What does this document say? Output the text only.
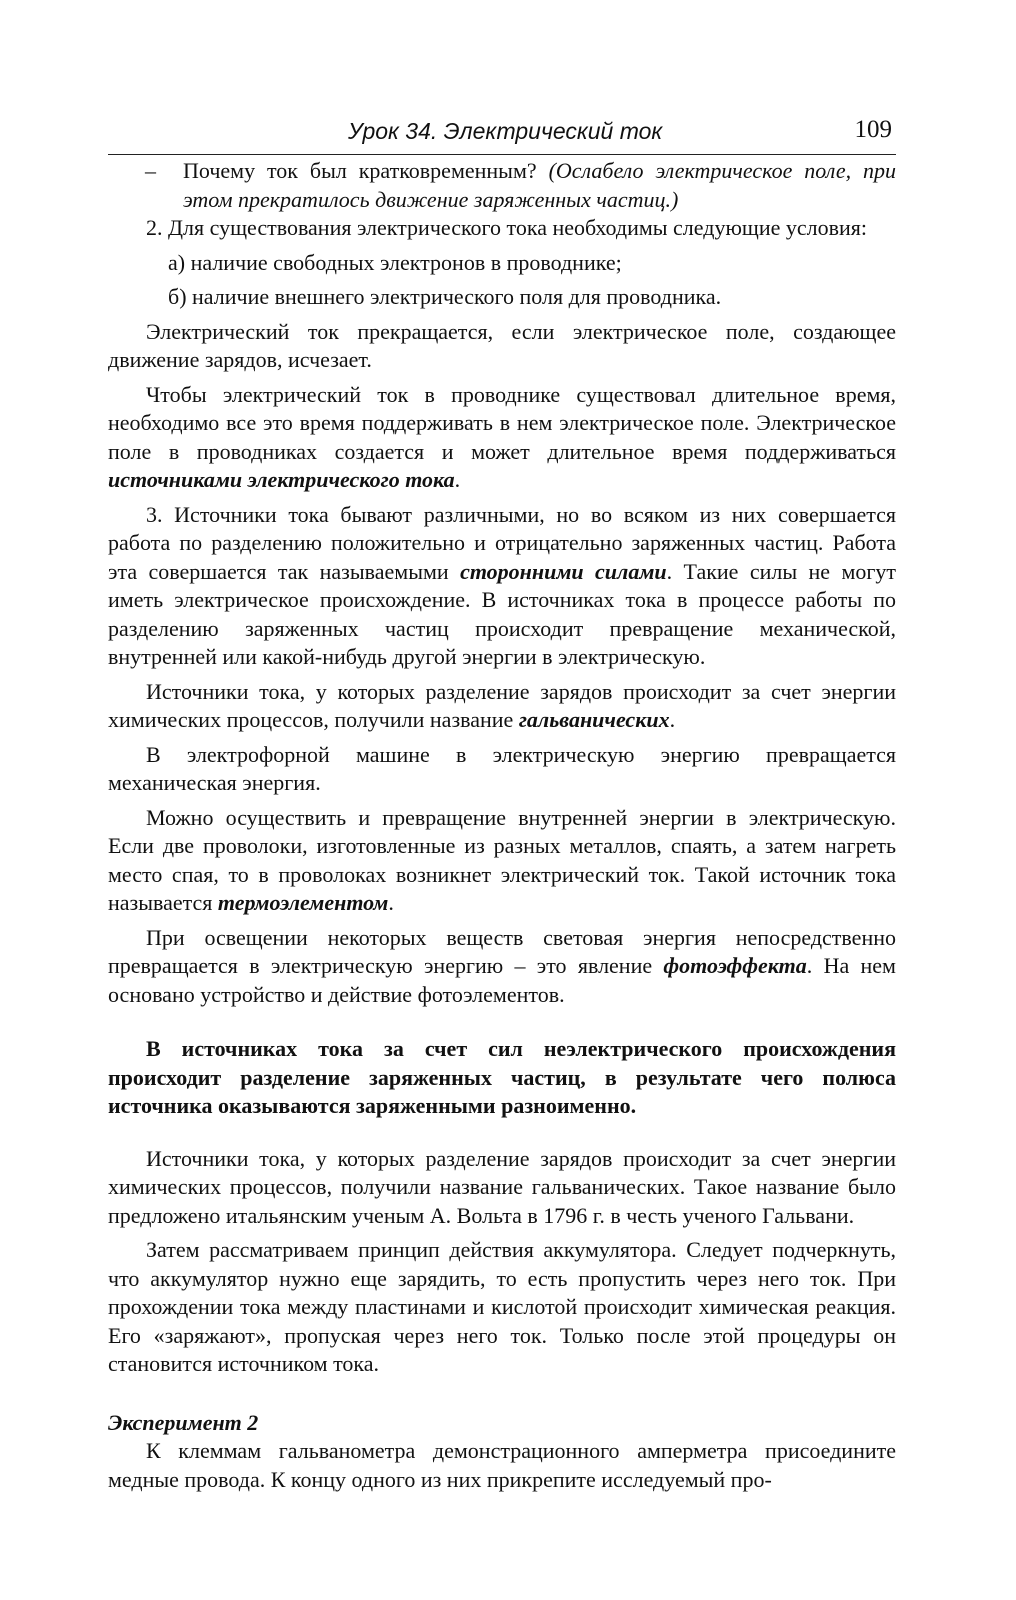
Урок 34. Электрический ток	109

– Почему ток был кратковременным? (Ослабело электрическое поле, при этом прекратилось движение заряженных частиц.)

2. Для существования электрического тока необходимы следующие условия:

а) наличие свободных электронов в проводнике;

б) наличие внешнего электрического поля для проводника.

Электрический ток прекращается, если электрическое поле, создающее движение зарядов, исчезает.

Чтобы электрический ток в проводнике существовал длительное время, необходимо все это время поддерживать в нем электрическое поле. Электрическое поле в проводниках создается и может длительное время поддерживаться источниками электрического тока.

3. Источники тока бывают различными, но во всяком из них совершается работа по разделению положительно и отрицательно заряженных частиц. Работа эта совершается так называемыми сторонними силами. Такие силы не могут иметь электрическое происхождение. В источниках тока в процессе работы по разделению заряженных частиц происходит превращение механической, внутренней или какой-нибудь другой энергии в электрическую.

Источники тока, у которых разделение зарядов происходит за счет энергии химических процессов, получили название гальванических.

В электрофорной машине в электрическую энергию превращается механическая энергия.

Можно осуществить и превращение внутренней энергии в электрическую. Если две проволоки, изготовленные из разных металлов, спаять, а затем нагреть место спая, то в проволоках возникнет электрический ток. Такой источник тока называется термоэлементом.

При освещении некоторых веществ световая энергия непосредственно превращается в электрическую энергию – это явление фотоэффекта. На нем основано устройство и действие фотоэлементов.

В источниках тока за счет сил неэлектрического происхождения происходит разделение заряженных частиц, в результате чего полюса источника оказываются заряженными разноименно.

Источники тока, у которых разделение зарядов происходит за счет энергии химических процессов, получили название гальванических. Такое название было предложено итальянским ученым А. Вольта в 1796 г. в честь ученого Гальвани.

Затем рассматриваем принцип действия аккумулятора. Следует подчеркнуть, что аккумулятор нужно еще зарядить, то есть пропустить через него ток. При прохождении тока между пластинами и кислотой происходит химическая реакция. Его «заряжают», пропуская через него ток. Только после этой процедуры он становится источником тока.

Эксперимент 2

К клеммам гальванометра демонстрационного амперметра присоедините медные провода. К концу одного из них прикрепите исследуемый про-
